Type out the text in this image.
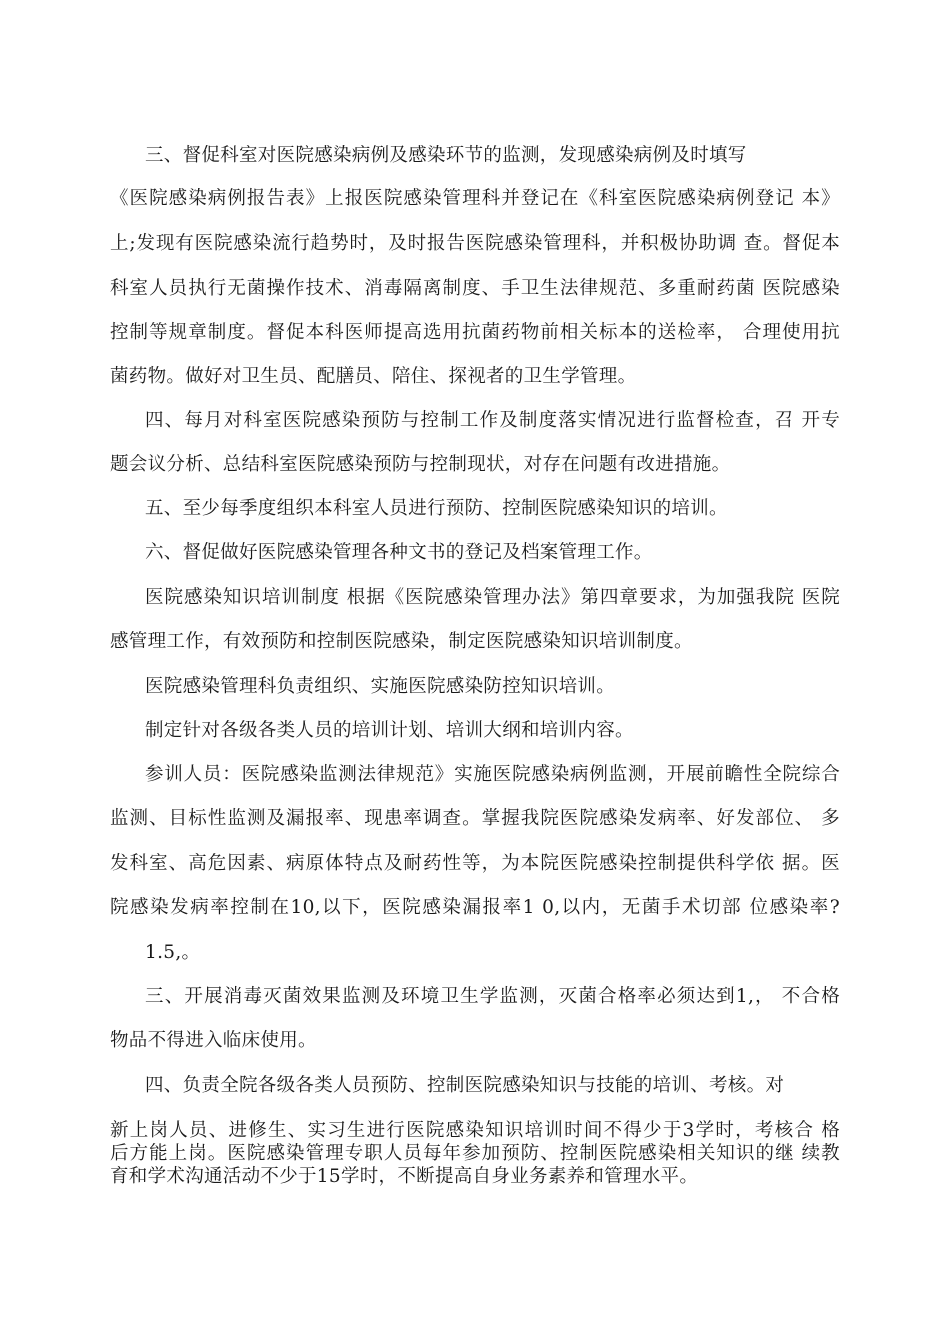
三、督促科室对医院感染病例及感染环节的监测，发现感染病例及时填写
《医院感染病例报告表》上报医院感染管理科并登记在《科室医院感染病例登记 本》
上;发现有医院感染流行趋势时，及时报告医院感染管理科，并积极协助调 查。督促本
科室人员执行无菌操作技术、消毒隔离制度、手卫生法律规范、多重耐药菌 医院感染
控制等规章制度。督促本科医师提高选用抗菌药物前相关标本的送检率， 合理使用抗
菌药物。做好对卫生员、配膳员、陪住、探视者的卫生学管理。
四、每月对科室医院感染预防与控制工作及制度落实情况进行监督检查，召 开专
题会议分析、总结科室医院感染预防与控制现状，对存在问题有改进措施。
五、至少每季度组织本科室人员进行预防、控制医院感染知识的培训。
六、督促做好医院感染管理各种文书的登记及档案管理工作。
医院感染知识培训制度 根据《医院感染管理办法》第四章要求，为加强我院 医院
感管理工作，有效预防和控制医院感染，制定医院感染知识培训制度。
医院感染管理科负责组织、实施医院感染防控知识培训。
制定针对各级各类人员的培训计划、培训大纲和培训内容。
参训人员：医院感染监测法律规范》实施医院感染病例监测，开展前瞻性全院综合
监测、目标性监测及漏报率、现患率调查。掌握我院医院感染发病率、好发部位、 多
发科室、高危因素、病原体特点及耐药性等，为本院医院感染控制提供科学依 据。医
院感染发病率控制在10,以下，医院感染漏报率1 0,以内，无菌手术切部 位感染率?
1.5,。
三、开展消毒灭菌效果监测及环境卫生学监测，灭菌合格率必须达到1,， 不合格
物品不得进入临床使用。
四、负责全院各级各类人员预防、控制医院感染知识与技能的培训、考核。对
新上岗人员、进修生、实习生进行医院感染知识培训时间不得少于3学时，考核合 格
后方能上岗。医院感染管理专职人员每年参加预防、控制医院感染相关知识的继 续教
育和学术沟通活动不少于15学时，不断提高自身业务素养和管理水平。
